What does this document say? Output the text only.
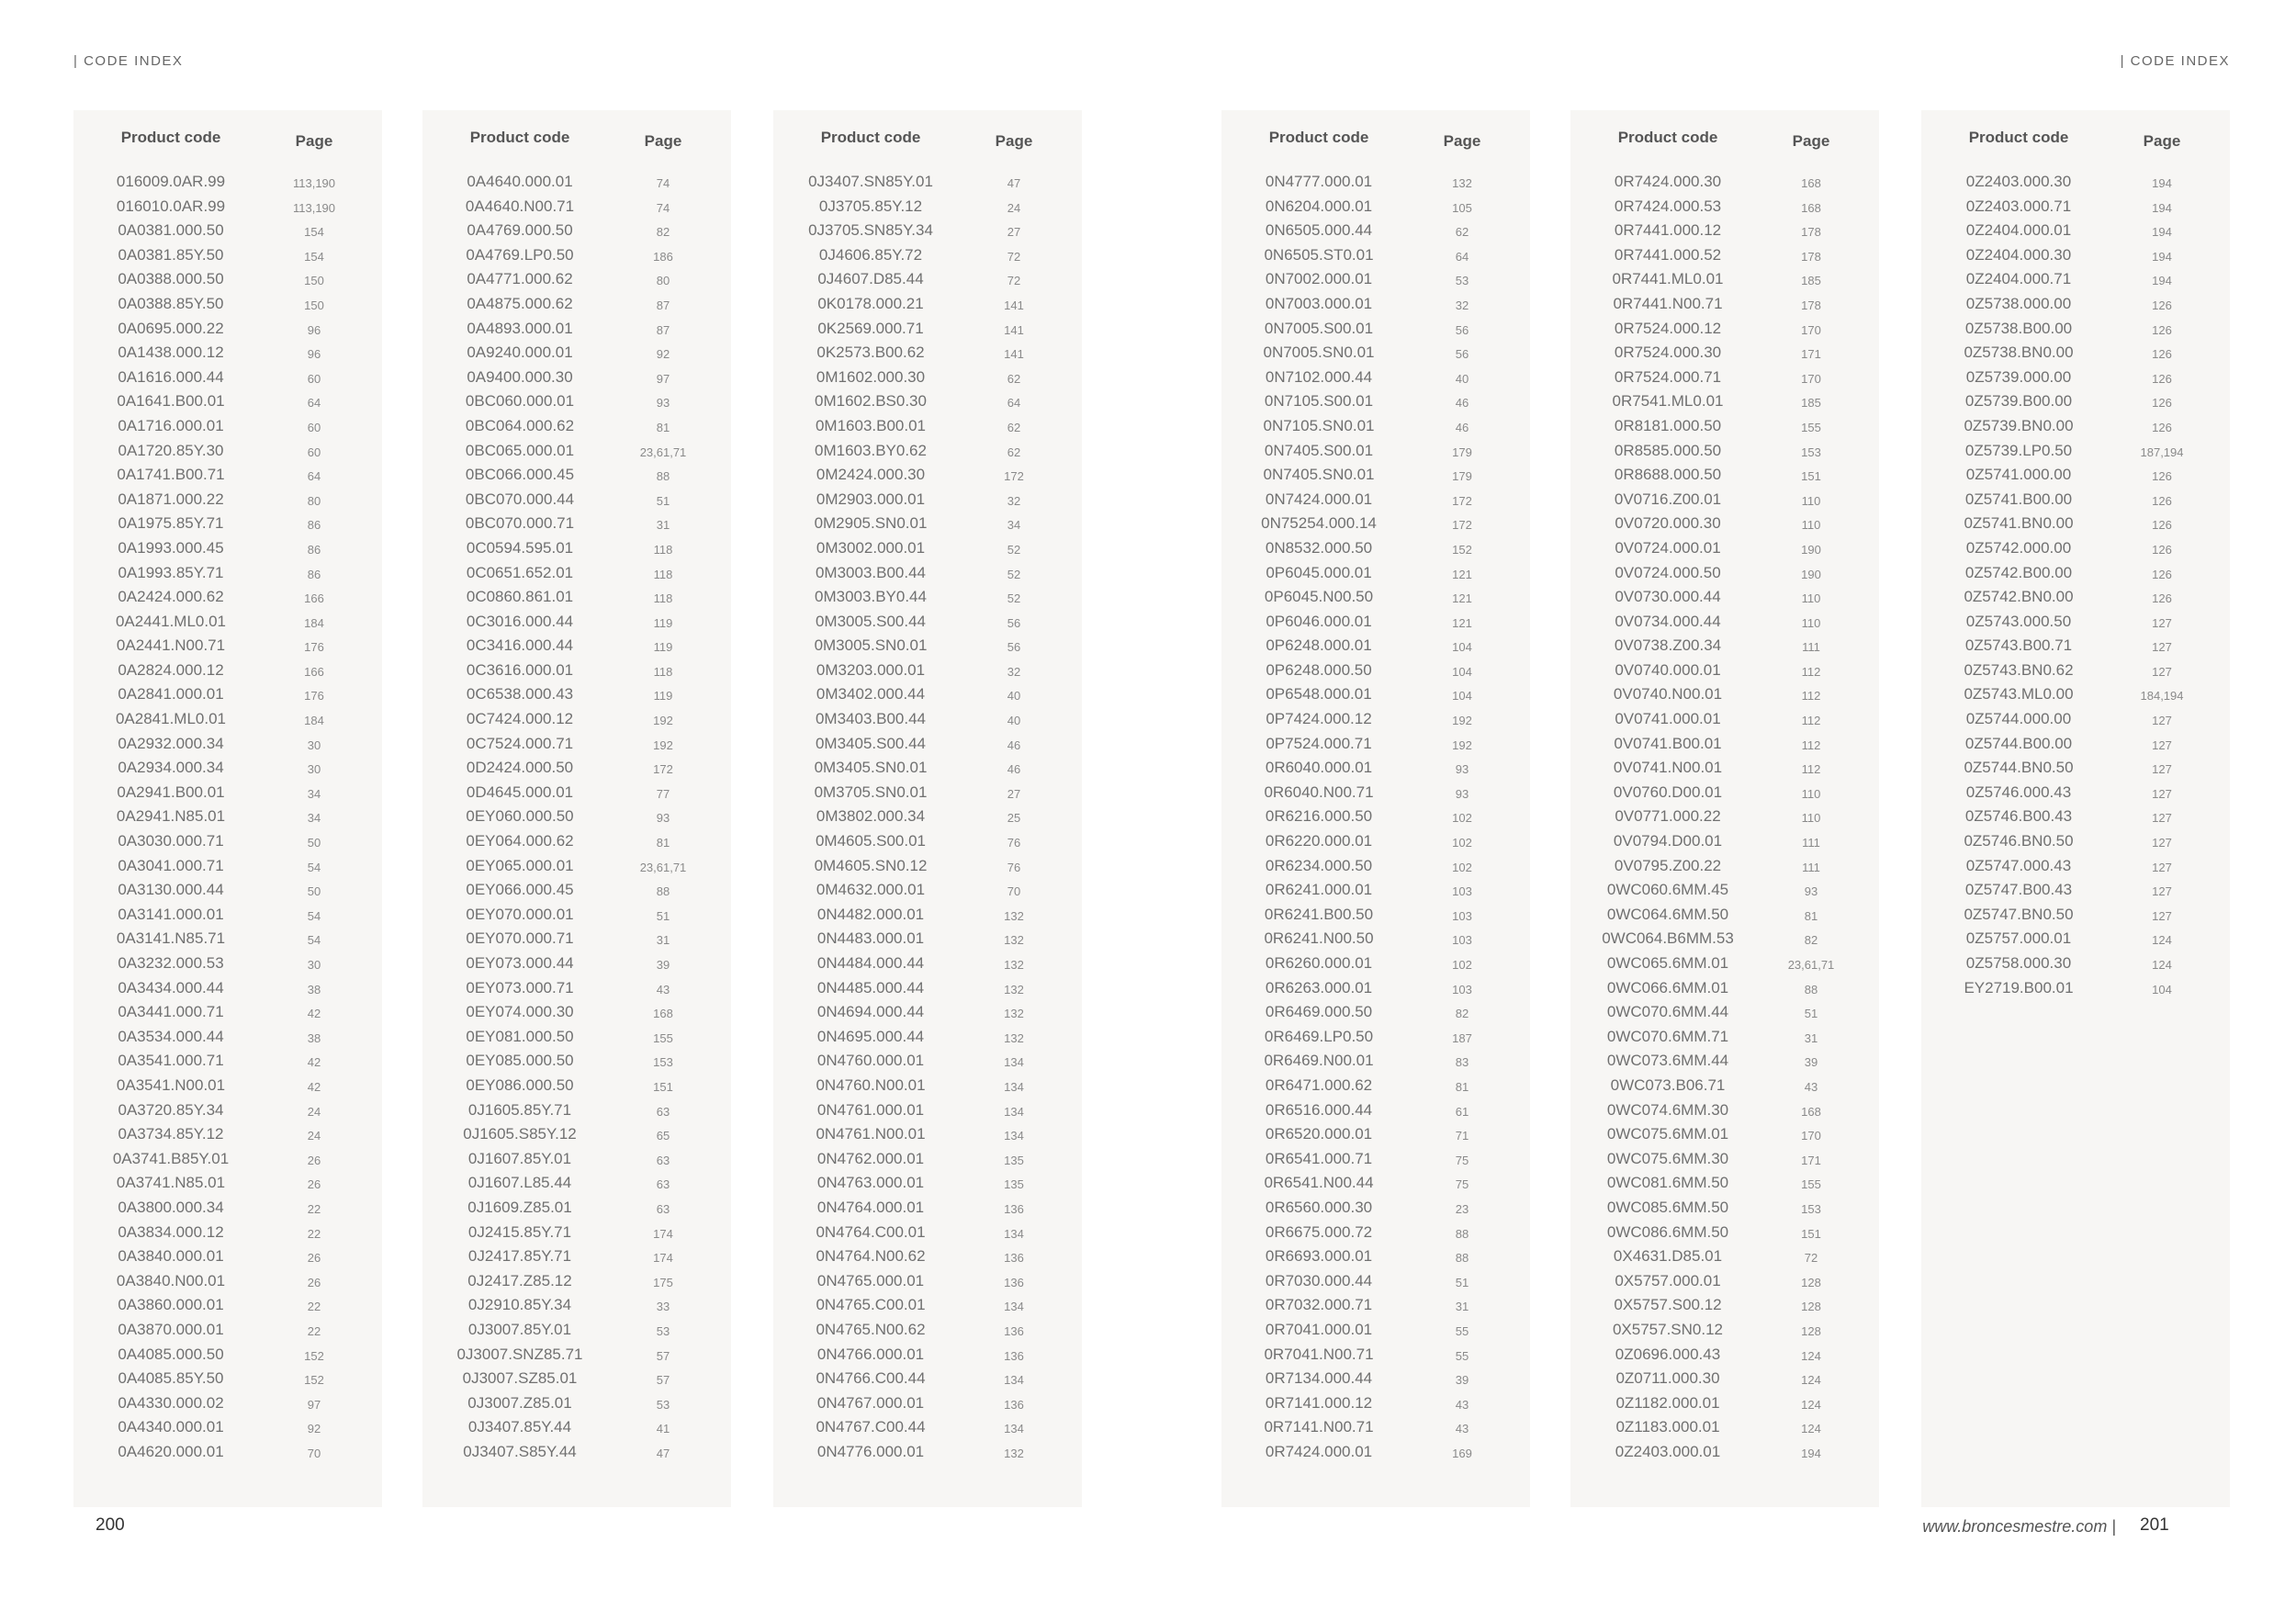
| CODE INDEX	| CODE INDEX
Product code	Page
016009.0AR.99	113,190
016010.0AR.99	113,190
0A0381.000.50	154
0A0381.85Y.50	154
0A0388.000.50	150
0A0388.85Y.50	150
0A0695.000.22	96
0A1438.000.12	96
0A1616.000.44	60
0A1641.B00.01	64
0A1716.000.01	60
0A1720.85Y.30	60
0A1741.B00.71	64
0A1871.000.22	80
0A1975.85Y.71	86
0A1993.000.45	86
0A1993.85Y.71	86
0A2424.000.62	166
0A2441.ML0.01	184
0A2441.N00.71	176
0A2824.000.12	166
0A2841.000.01	176
0A2841.ML0.01	184
0A2932.000.34	30
0A2934.000.34	30
0A2941.B00.01	34
0A2941.N85.01	34
0A3030.000.71	50
0A3041.000.71	54
0A3130.000.44	50
0A3141.000.01	54
0A3141.N85.71	54
0A3232.000.53	30
0A3434.000.44	38
0A3441.000.71	42
0A3534.000.44	38
0A3541.000.71	42
0A3541.N00.01	42
0A3720.85Y.34	24
0A3734.85Y.12	24
0A3741.B85Y.01	26
0A3741.N85.01	26
0A3800.000.34	22
0A3834.000.12	22
0A3840.000.01	26
0A3840.N00.01	26
0A3860.000.01	22
0A3870.000.01	22
0A4085.000.50	152
0A4085.85Y.50	152
0A4330.000.02	97
0A4340.000.01	92
0A4620.000.01	70
Product code	Page
0A4640.000.01	74
0A4640.N00.71	74
0A4769.000.50	82
0A4769.LP0.50	186
0A4771.000.62	80
0A4875.000.62	87
0A4893.000.01	87
0A9240.000.01	92
0A9400.000.30	97
0BC060.000.01	93
0BC064.000.62	81
0BC065.000.01	23,61,71
0BC066.000.45	88
0BC070.000.44	51
0BC070.000.71	31
0C0594.595.01	118
0C0651.652.01	118
0C0860.861.01	118
0C3016.000.44	119
0C3416.000.44	119
0C3616.000.01	118
0C6538.000.43	119
0C7424.000.12	192
0C7524.000.71	192
0D2424.000.50	172
0D4645.000.01	77
0EY060.000.50	93
0EY064.000.62	81
0EY065.000.01	23,61,71
0EY066.000.45	88
0EY070.000.01	51
0EY070.000.71	31
0EY073.000.44	39
0EY073.000.71	43
0EY074.000.30	168
0EY081.000.50	155
0EY085.000.50	153
0EY086.000.50	151
0J1605.85Y.71	63
0J1605.S85Y.12	65
0J1607.85Y.01	63
0J1607.L85.44	63
0J1609.Z85.01	63
0J2415.85Y.71	174
0J2417.85Y.71	174
0J2417.Z85.12	175
0J2910.85Y.34	33
0J3007.85Y.01	53
0J3007.SNZ85.71	57
0J3007.SZ85.01	57
0J3007.Z85.01	53
0J3407.85Y.44	41
0J3407.S85Y.44	47
Product code	Page
0J3407.SN85Y.01	47
0J3705.85Y.12	24
0J3705.SN85Y.34	27
0J4606.85Y.72	72
0J4607.D85.44	72
0K0178.000.21	141
0K2569.000.71	141
0K2573.B00.62	141
0M1602.000.30	62
0M1602.BS0.30	64
0M1603.B00.01	62
0M1603.BY0.62	62
0M2424.000.30	172
0M2903.000.01	32
0M2905.SN0.01	34
0M3002.000.01	52
0M3003.B00.44	52
0M3003.BY0.44	52
0M3005.S00.44	56
0M3005.SN0.01	56
0M3203.000.01	32
0M3402.000.44	40
0M3403.B00.44	40
0M3405.S00.44	46
0M3405.SN0.01	46
0M3705.SN0.01	27
0M3802.000.34	25
0M4605.S00.01	76
0M4605.SN0.12	76
0M4632.000.01	70
0N4482.000.01	132
0N4483.000.01	132
0N4484.000.44	132
0N4485.000.44	132
0N4694.000.44	132
0N4695.000.44	132
0N4760.000.01	134
0N4760.N00.01	134
0N4761.000.01	134
0N4761.N00.01	134
0N4762.000.01	135
0N4763.000.01	135
0N4764.000.01	136
0N4764.C00.01	134
0N4764.N00.62	136
0N4765.000.01	136
0N4765.C00.01	134
0N4765.N00.62	136
0N4766.000.01	136
0N4766.C00.44	134
0N4767.000.01	136
0N4767.C00.44	134
0N4776.000.01	132
Product code	Page
0N4777.000.01	132
0N6204.000.01	105
0N6505.000.44	62
0N6505.ST0.01	64
0N7002.000.01	53
0N7003.000.01	32
0N7005.S00.01	56
0N7005.SN0.01	56
0N7102.000.44	40
0N7105.S00.01	46
0N7105.SN0.01	46
0N7405.S00.01	179
0N7405.SN0.01	179
0N7424.000.01	172
0N75254.000.14	172
0N8532.000.50	152
0P6045.000.01	121
0P6045.N00.50	121
0P6046.000.01	121
0P6248.000.01	104
0P6248.000.50	104
0P6548.000.01	104
0P7424.000.12	192
0P7524.000.71	192
0R6040.000.01	93
0R6040.N00.71	93
0R6216.000.50	102
0R6220.000.01	102
0R6234.000.50	102
0R6241.000.01	103
0R6241.B00.50	103
0R6241.N00.50	103
0R6260.000.01	102
0R6263.000.01	103
0R6469.000.50	82
0R6469.LP0.50	187
0R6469.N00.01	83
0R6471.000.62	81
0R6516.000.44	61
0R6520.000.01	71
0R6541.000.71	75
0R6541.N00.44	75
0R6560.000.30	23
0R6675.000.72	88
0R6693.000.01	88
0R7030.000.44	51
0R7032.000.71	31
0R7041.000.01	55
0R7041.N00.71	55
0R7134.000.44	39
0R7141.000.12	43
0R7141.N00.71	43
0R7424.000.01	169
Product code	Page
0R7424.000.30	168
0R7424.000.53	168
0R7441.000.12	178
0R7441.000.52	178
0R7441.ML0.01	185
0R7441.N00.71	178
0R7524.000.12	170
0R7524.000.30	171
0R7524.000.71	170
0R7541.ML0.01	185
0R8181.000.50	155
0R8585.000.50	153
0R8688.000.50	151
0V0716.Z00.01	110
0V0720.000.30	110
0V0724.000.01	190
0V0724.000.50	190
0V0730.000.44	110
0V0734.000.44	110
0V0738.Z00.34	111
0V0740.000.01	112
0V0740.N00.01	112
0V0741.000.01	112
0V0741.B00.01	112
0V0741.N00.01	112
0V0760.D00.01	110
0V0771.000.22	110
0V0794.D00.01	111
0V0795.Z00.22	111
0WC060.6MM.45	93
0WC064.6MM.50	81
0WC064.B6MM.53	82
0WC065.6MM.01	23,61,71
0WC066.6MM.01	88
0WC070.6MM.44	51
0WC070.6MM.71	31
0WC073.6MM.44	39
0WC073.B06.71	43
0WC074.6MM.30	168
0WC075.6MM.01	170
0WC075.6MM.30	171
0WC081.6MM.50	155
0WC085.6MM.50	153
0WC086.6MM.50	151
0X4631.D85.01	72
0X5757.000.01	128
0X5757.S00.12	128
0X5757.SN0.12	128
0Z0696.000.43	124
0Z0711.000.30	124
0Z1182.000.01	124
0Z1183.000.01	124
0Z2403.000.01	194
Product code	Page
0Z2403.000.30	194
0Z2403.000.71	194
0Z2404.000.01	194
0Z2404.000.30	194
0Z2404.000.71	194
0Z5738.000.00	126
0Z5738.B00.00	126
0Z5738.BN0.00	126
0Z5739.000.00	126
0Z5739.B00.00	126
0Z5739.BN0.00	126
0Z5739.LP0.50	187,194
0Z5741.000.00	126
0Z5741.B00.00	126
0Z5741.BN0.00	126
0Z5742.000.00	126
0Z5742.B00.00	126
0Z5742.BN0.00	126
0Z5743.000.50	127
0Z5743.B00.71	127
0Z5743.BN0.62	127
0Z5743.ML0.00	184,194
0Z5744.000.00	127
0Z5744.B00.00	127
0Z5744.BN0.50	127
0Z5746.000.43	127
0Z5746.B00.43	127
0Z5746.BN0.50	127
0Z5747.000.43	127
0Z5747.B00.43	127
0Z5747.BN0.50	127
0Z5757.000.01	124
0Z5758.000.30	124
EY2719.B00.01	104
200	www.broncesmestre.com | 201
